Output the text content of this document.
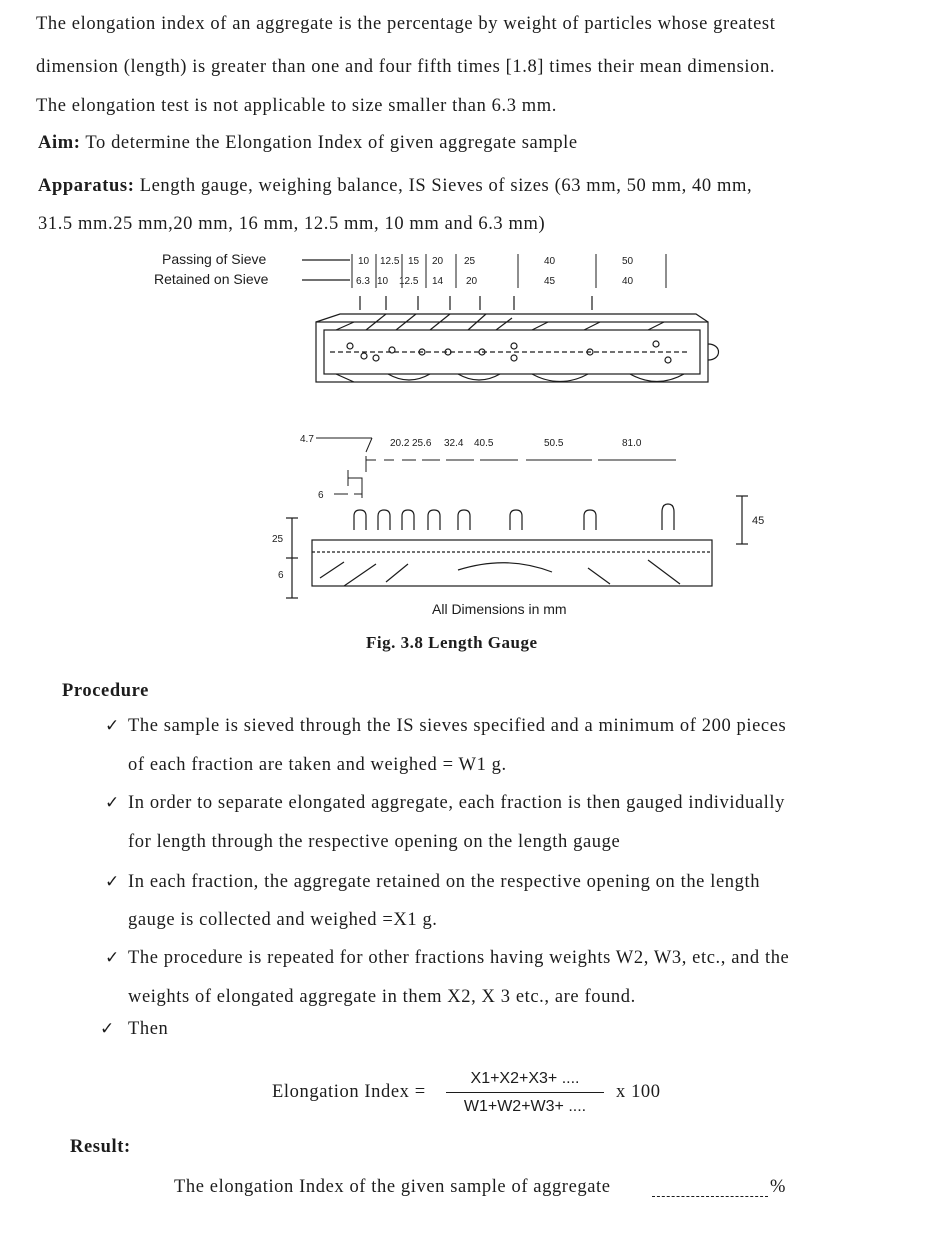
The elongation index of an aggregate is the percentage by weight of particles whose greatest
dimension (length) is greater than one and four fifth times [1.8] times their mean dimension.
The elongation test is not applicable to size smaller than 6.3 mm.
Aim: To determine the Elongation Index of given aggregate sample
Apparatus: Length gauge, weighing balance, IS Sieves of sizes (63 mm, 50 mm, 40 mm,
31.5 mm.25 mm,20 mm, 16 mm, 12.5 mm, 10 mm and 6.3 mm)
Passing of Sieve
Retained on Sieve
10 12.5 15 20 25	40	50
6.3 10 12.5 14 20	45	40
4.7	20.2 25.6 32.4 40.5	50.5	81.0
6
25
6
45
All Dimensions in mm
Fig. 3.8 Length Gauge
Procedure
✓ The sample is sieved through the IS sieves specified and a minimum of 200 pieces
of each fraction are taken and weighed = W1 g.
✓ In order to separate elongated aggregate, each fraction is then gauged individually
for length through the respective opening on the length gauge
✓ In each fraction, the aggregate retained on the respective opening on the length
gauge is collected and weighed =X1 g.
✓ The procedure is repeated for other fractions having weights W2, W3, etc., and the
weights of elongated aggregate in them X2, X 3 etc., are found.
✓ Then
Elongation Index =
X1+X2+X3+ ....
W1+W2+W3+ ....
x 100
Result:
The elongation Index of the given sample of aggregate	%
